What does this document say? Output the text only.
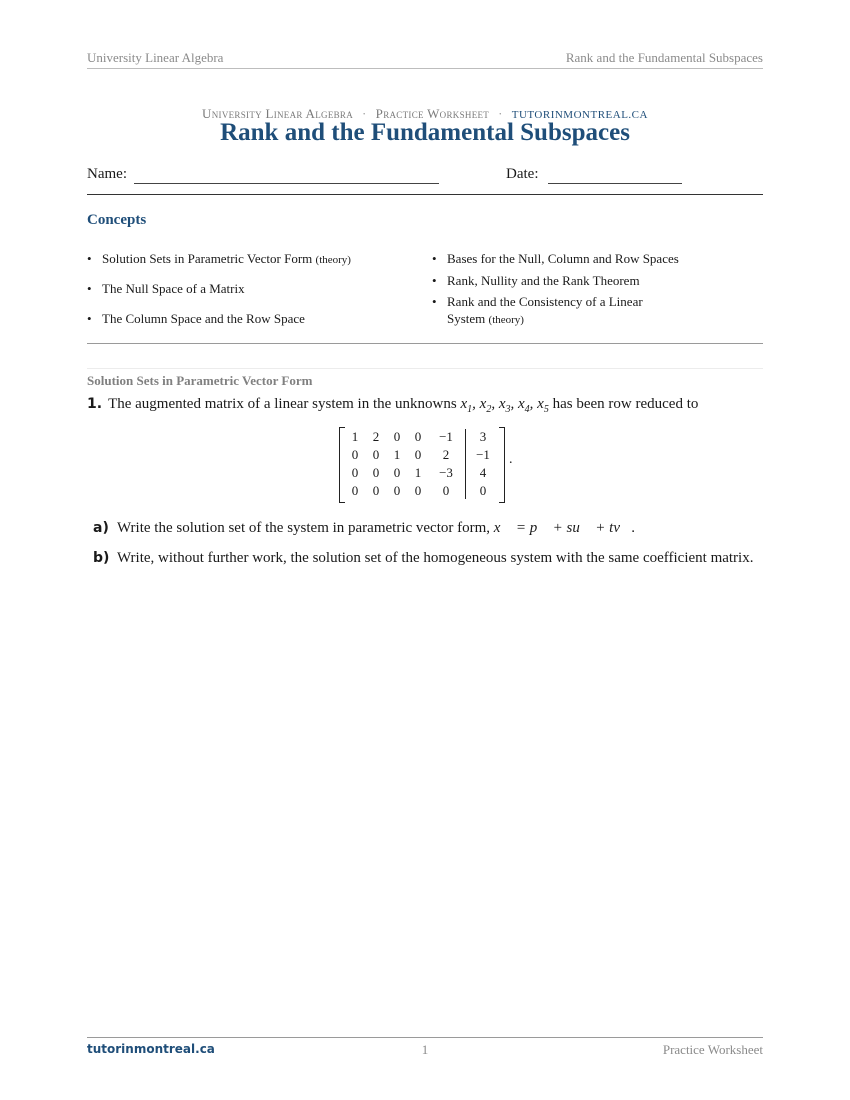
University Linear Algebra	Rank and the Fundamental Subspaces
University Linear Algebra · Practice Worksheet · TUTORINMONTREAL.CA
Rank and the Fundamental Subspaces
Name:	Date:
Concepts
• Solution Sets in Parametric Vector Form (theory)
• The Null Space of a Matrix
• The Column Space and the Row Space
• Bases for the Null, Column and Row Spaces
• Rank, Nullity and the Rank Theorem
• Rank and the Consistency of a Linear
System (theory)
Solution Sets in Parametric Vector Form
1. The augmented matrix of a linear system in the unknowns $x_1$, $x_2$, $x_3$, $x_4$, $x_5$ has been row reduced to
1	2	0	0	−1	3
0	0	1	0	2	−1
0	0	0	1	−3	4
0	0	0	0	0	0
.
a) Write the solution set of the system in parametric vector form, x⃗ = p⃗ + su⃗ + tv⃗.
b) Write, without further work, the solution set of the homogeneous system with the same coefficient matrix.
tutorinmontreal.ca	1	Practice Worksheet
